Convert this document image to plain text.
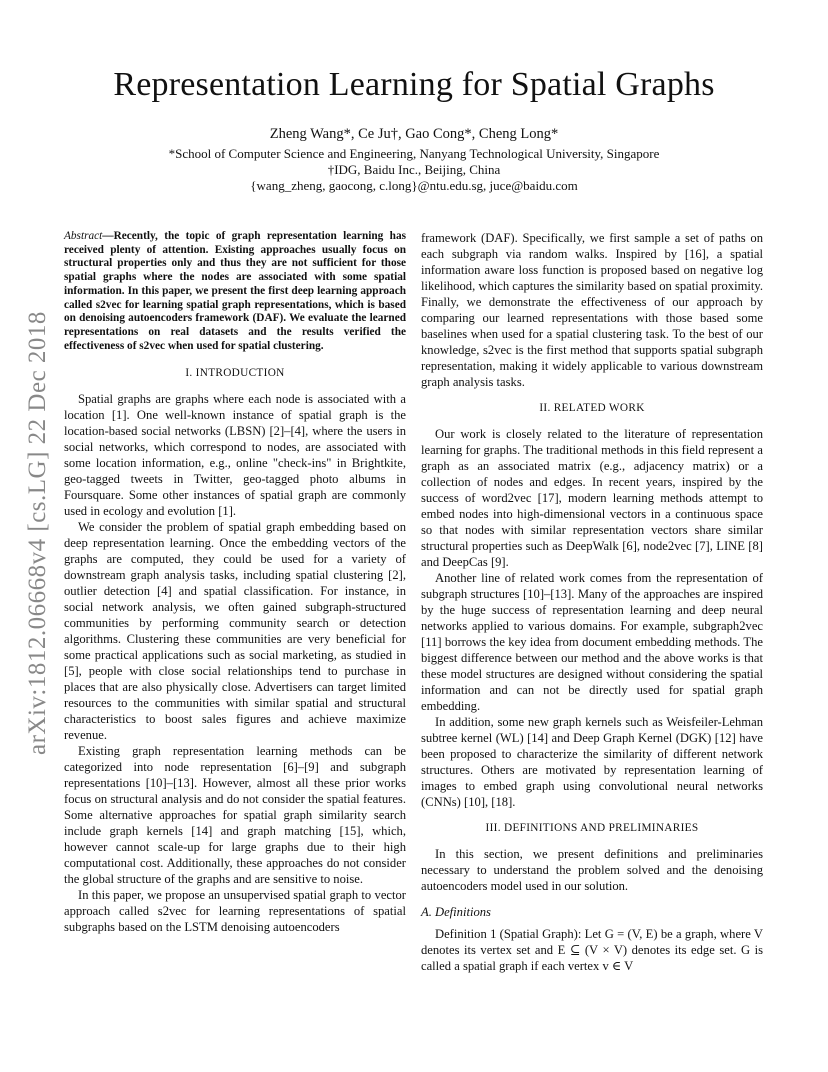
arXiv:1812.06668v4 [cs.LG] 22 Dec 2018
Representation Learning for Spatial Graphs
Zheng Wang*, Ce Ju†, Gao Cong*, Cheng Long*
*School of Computer Science and Engineering, Nanyang Technological University, Singapore
†IDG, Baidu Inc., Beijing, China
{wang_zheng, gaocong, c.long}@ntu.edu.sg, juce@baidu.com

Abstract—Recently, the topic of graph representation learning has received plenty of attention. Existing approaches usually focus on structural properties only and thus they are not sufficient for those spatial graphs where the nodes are associated with some spatial information. In this paper, we present the first deep learning approach called s2vec for learning spatial graph representations, which is based on denoising autoencoders framework (DAF). We evaluate the learned representations on real datasets and the results verified the effectiveness of s2vec when used for spatial clustering.

I. INTRODUCTION

Spatial graphs are graphs where each node is associated with a location [1]. One well-known instance of spatial graph is the location-based social networks (LBSN) [2]–[4], where the users in social networks, which correspond to nodes, are associated with some location information, e.g., online "check-ins" in Brightkite, geo-tagged tweets in Twitter, geo-tagged photo albums in Foursquare. Some other instances of spatial graph are commonly used in ecology and evolution [1].

We consider the problem of spatial graph embedding based on deep representation learning. Once the embedding vectors of the graphs are computed, they could be used for a variety of downstream graph analysis tasks, including spatial clustering [2], outlier detection [4] and spatial classification. For instance, in social network analysis, we often gained subgraph-structured communities by performing community search or detection algorithms. Clustering these communities are very beneficial for some practical applications such as social marketing, as studied in [5], people with close social relationships tend to purchase in places that are also physically close. Advertisers can target limited resources to the communities with similar spatial and structural characteristics to boost sales figures and achieve maximize revenue.

Existing graph representation learning methods can be categorized into node representation [6]–[9] and subgraph representations [10]–[13]. However, almost all these prior works focus on structural analysis and do not consider the spatial features. Some alternative approaches for spatial graph similarity search include graph kernels [14] and graph matching [15], which, however cannot scale-up for large graphs due to their high computational cost. Additionally, these approaches do not consider the global structure of the graphs and are sensitive to noise.

In this paper, we propose an unsupervised spatial graph to vector approach called s2vec for learning representations of spatial subgraphs based on the LSTM denoising autoencoders

framework (DAF). Specifically, we first sample a set of paths on each subgraph via random walks. Inspired by [16], a spatial information aware loss function is proposed based on negative log likelihood, which captures the similarity based on spatial proximity. Finally, we demonstrate the effectiveness of our approach by comparing our learned representations with those based some baselines when used for a spatial clustering task. To the best of our knowledge, s2vec is the first method that supports spatial subgraph representation, making it widely applicable to various downstream graph analysis tasks.

II. RELATED WORK

Our work is closely related to the literature of representation learning for graphs. The traditional methods in this field represent a graph as an associated matrix (e.g., adjacency matrix) or a collection of nodes and edges. In recent years, inspired by the success of word2vec [17], modern learning methods attempt to embed nodes into high-dimensional vectors in a continuous space so that nodes with similar representation vectors share similar structural properties such as DeepWalk [6], node2vec [7], LINE [8] and DeepCas [9].

Another line of related work comes from the representation of subgraph structures [10]–[13]. Many of the approaches are inspired by the huge success of representation learning and deep neural networks applied to various domains. For example, subgraph2vec [11] borrows the key idea from document embedding methods. The biggest difference between our method and the above works is that these model structures are designed without considering the spatial information and can not be directly used for spatial graph embedding.

In addition, some new graph kernels such as Weisfeiler-Lehman subtree kernel (WL) [14] and Deep Graph Kernel (DGK) [12] have been proposed to characterize the similarity of different network structures. Others are motivated by representation learning of images to embed graph using convolutional neural networks (CNNs) [10], [18].

III. DEFINITIONS AND PRELIMINARIES

In this section, we present definitions and preliminaries necessary to understand the problem solved and the denoising autoencoders model used in our solution.

A. Definitions

Definition 1 (Spatial Graph): Let G = (V, E) be a graph, where V denotes its vertex set and E ⊆ (V × V) denotes its edge set. G is called a spatial graph if each vertex v ∈ V
